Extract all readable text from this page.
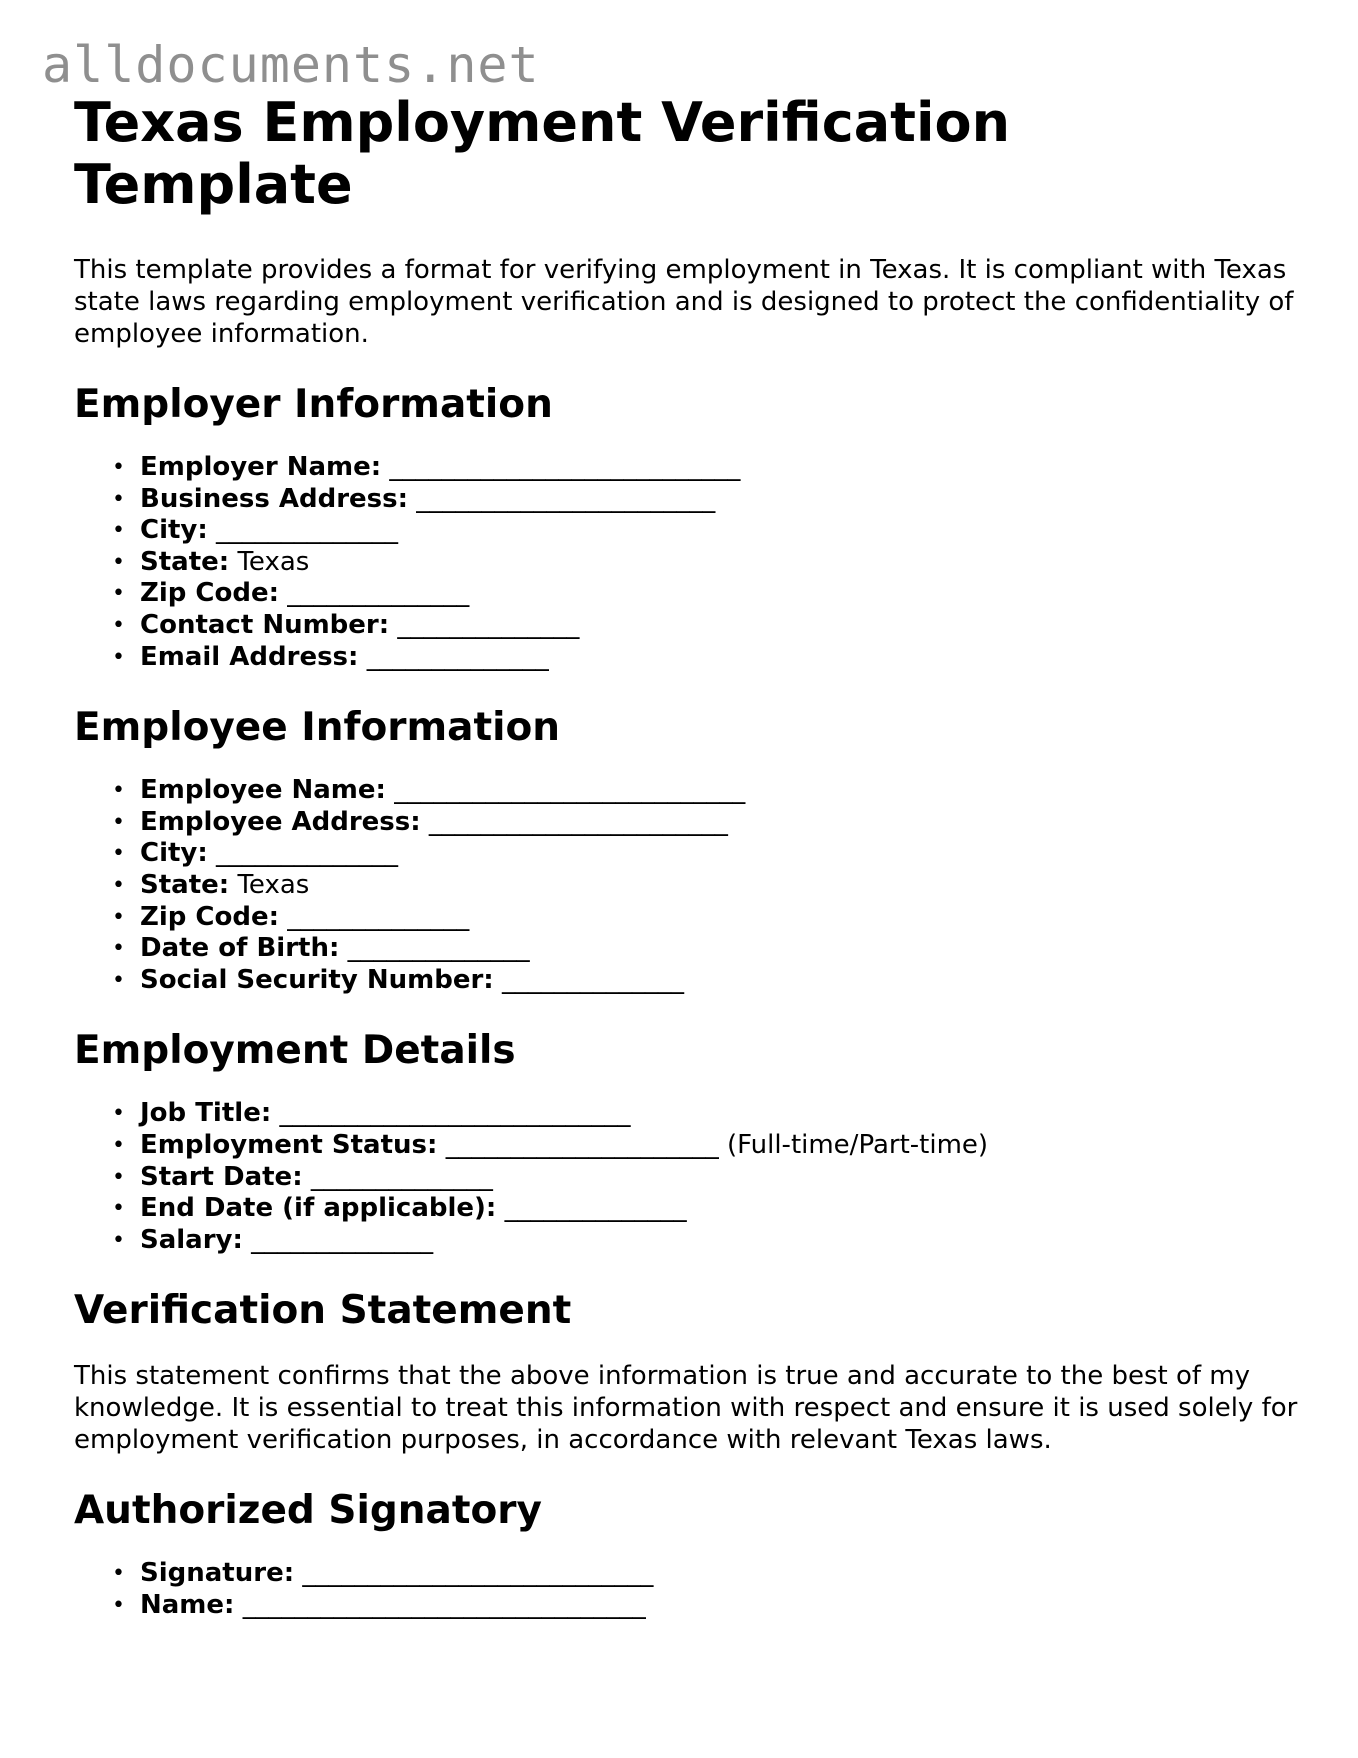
alldocuments.net
Texas Employment Verification Template

This template provides a format for verifying employment in Texas. It is compliant with Texas state laws regarding employment verification and is designed to protect the confidentiality of employee information.

Employer Information
• Employer Name: ___________________________
• Business Address: _______________________
• City: ______________
• State: Texas
• Zip Code: ______________
• Contact Number: ______________
• Email Address: ______________
Employee Information
• Employee Name: ___________________________
• Employee Address: _______________________
• City: ______________
• State: Texas
• Zip Code: ______________
• Date of Birth: ______________
• Social Security Number: ______________
Employment Details
• Job Title: ___________________________
• Employment Status: _____________________ (Full-time/Part-time)
• Start Date: ______________
• End Date (if applicable): ______________
• Salary: ______________
Verification Statement

This statement confirms that the above information is true and accurate to the best of my knowledge. It is essential to treat this information with respect and ensure it is used solely for employment verification purposes, in accordance with relevant Texas laws.

Authorized Signatory
• Signature: ___________________________
• Name: _______________________________
